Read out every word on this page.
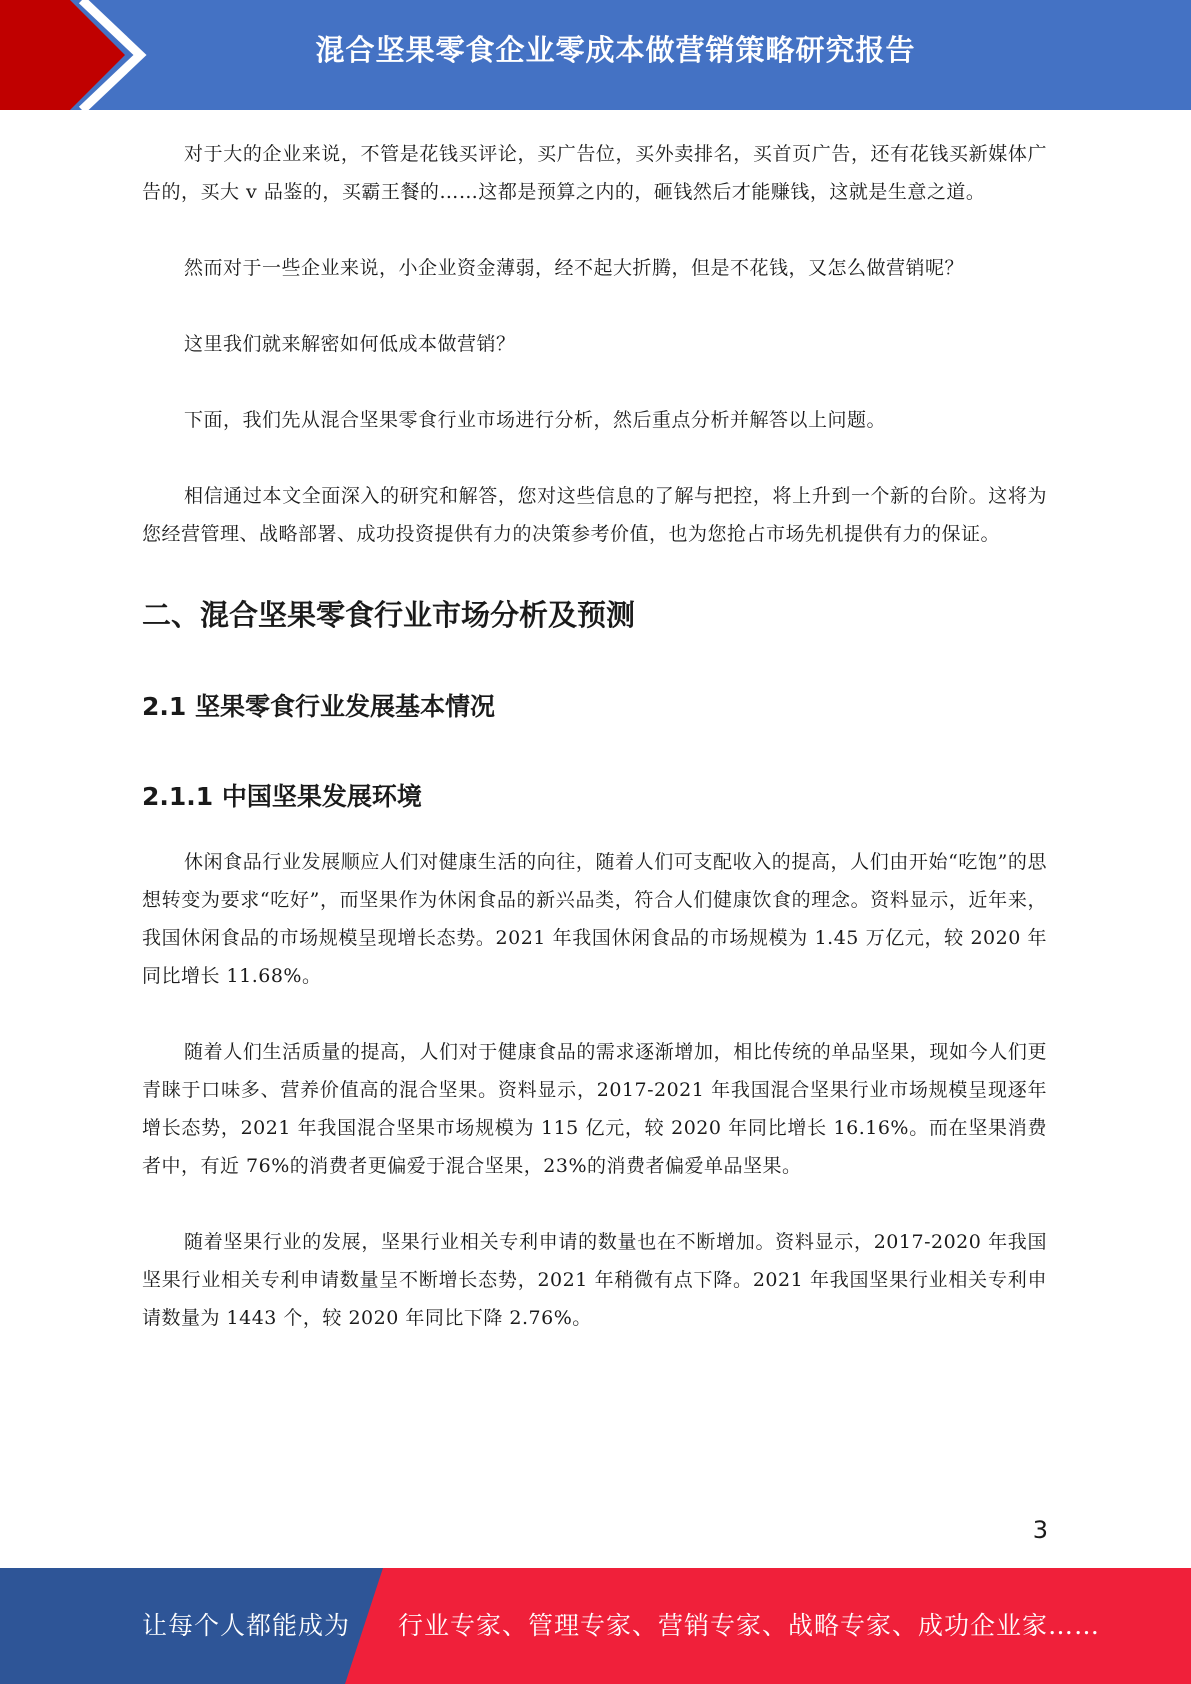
混合坚果零食企业零成本做营销策略研究报告

对于大的企业来说，不管是花钱买评论，买广告位，买外卖排名，买首页广告，还有花钱买新媒体广告的，买大 v 品鉴的，买霸王餐的……这都是预算之内的，砸钱然后才能赚钱，这就是生意之道。

然而对于一些企业来说，小企业资金薄弱，经不起大折腾，但是不花钱，又怎么做营销呢？

这里我们就来解密如何低成本做营销？

下面，我们先从混合坚果零食行业市场进行分析，然后重点分析并解答以上问题。

相信通过本文全面深入的研究和解答，您对这些信息的了解与把控，将上升到一个新的台阶。这将为您经营管理、战略部署、成功投资提供有力的决策参考价值，也为您抢占市场先机提供有力的保证。

二、混合坚果零食行业市场分析及预测
2.1 坚果零食行业发展基本情况
2.1.1 中国坚果发展环境

休闲食品行业发展顺应人们对健康生活的向往，随着人们可支配收入的提高，人们由开始“吃饱”的思想转变为要求“吃好”，而坚果作为休闲食品的新兴品类，符合人们健康饮食的理念。资料显示，近年来，我国休闲食品的市场规模呈现增长态势。2021 年我国休闲食品的市场规模为 1.45 万亿元，较 2020 年同比增长 11.68%。

随着人们生活质量的提高，人们对于健康食品的需求逐渐增加，相比传统的单品坚果，现如今人们更青睐于口味多、营养价值高的混合坚果。资料显示，2017-2021 年我国混合坚果行业市场规模呈现逐年增长态势，2021 年我国混合坚果市场规模为 115 亿元，较 2020 年同比增长 16.16%。而在坚果消费者中，有近 76%的消费者更偏爱于混合坚果，23%的消费者偏爱单品坚果。

随着坚果行业的发展，坚果行业相关专利申请的数量也在不断增加。资料显示，2017-2020 年我国坚果行业相关专利申请数量呈不断增长态势，2021 年稍微有点下降。2021 年我国坚果行业相关专利申请数量为 1443 个，较 2020 年同比下降 2.76%。

3
让每个人都能成为 行业专家、管理专家、营销专家、战略专家、成功企业家……
